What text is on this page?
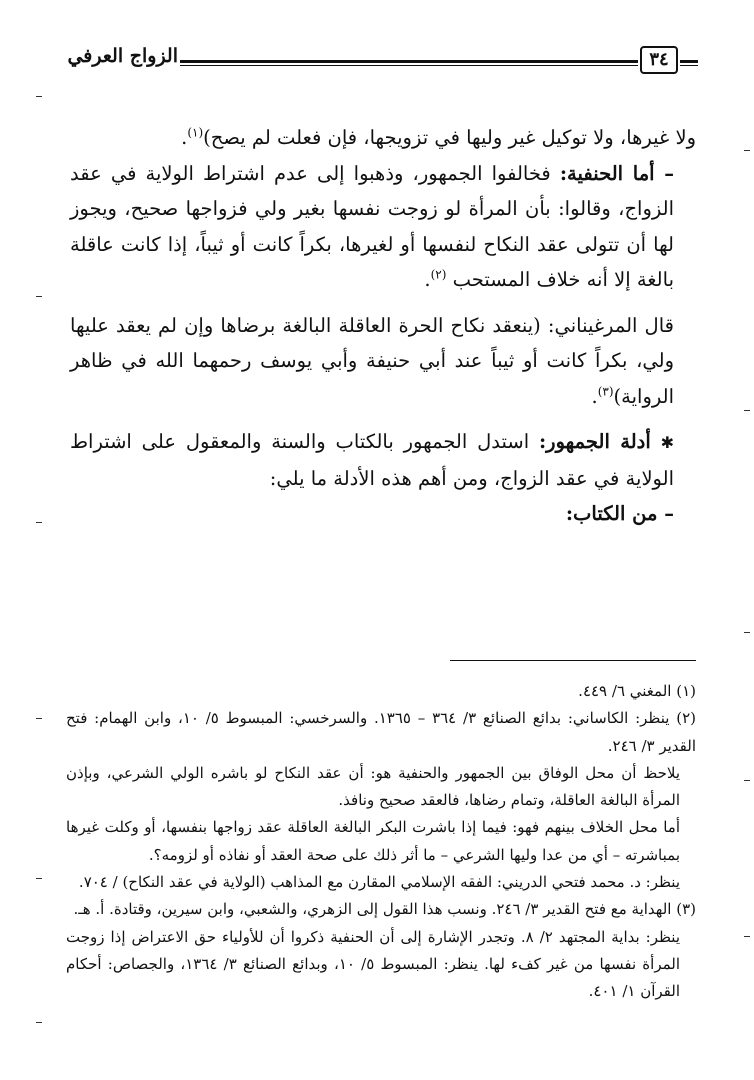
الزواج العرفي	٣٤

ولا غيرها، ولا توكيل غير وليها في تزويجها، فإن فعلت لم يصح)$^{(١)}$.

– أما الحنفية: فخالفوا الجمهور، وذهبوا إلى عدم اشتراط الولاية في عقد الزواج، وقالوا: بأن المرأة لو زوجت نفسها بغير ولي فزواجها صحيح، ويجوز لها أن تتولى عقد النكاح لنفسها أو لغيرها، بكراً كانت أو ثيباً، إذا كانت عاقلة بالغة إلا أنه خلاف المستحب $^{(٢)}$.

قال المرغيناني: (ينعقد نكاح الحرة العاقلة البالغة برضاها وإن لم يعقد عليها ولي، بكراً كانت أو ثيباً عند أبي حنيفة وأبي يوسف رحمهما الله في ظاهر الرواية)$^{(٣)}$.

✱ أدلة الجمهور: استدل الجمهور بالكتاب والسنة والمعقول على اشتراط الولاية في عقد الزواج، ومن أهم هذه الأدلة ما يلي:

– من الكتاب:

(١) المغني ٦/ ٤٤٩.

(٢) ينظر: الكاساني: بدائع الصنائع ٣/ ٣٦٤ – ١٣٦٥. والسرخسي: المبسوط ٥/ ١٠، وابن الهمام: فتح القدير ٣/ ٢٤٦.

يلاحظ أن محل الوفاق بين الجمهور والحنفية هو: أن عقد النكاح لو باشره الولي الشرعي، وبإذن المرأة البالغة العاقلة، وتمام رضاها، فالعقد صحيح ونافذ.

أما محل الخلاف بينهم فهو: فيما إذا باشرت البكر البالغة العاقلة عقد زواجها بنفسها، أو وكلت غيرها بمباشرته – أي من عدا وليها الشرعي – ما أثر ذلك على صحة العقد أو نفاذه أو لزومه؟.

ينظر: د. محمد فتحي الدريني: الفقه الإسلامي المقارن مع المذاهب (الولاية في عقد النكاح) / ٧٠٤.

(٣) الهداية مع فتح القدير ٣/ ٢٤٦. ونسب هذا القول إلى الزهري، والشعبي، وابن سيرين، وقتادة. أ. هـ.

ينظر: بداية المجتهد ٢/ ٨. وتجدر الإشارة إلى أن الحنفية ذكروا أن للأولياء حق الاعتراض إذا زوجت المرأة نفسها من غير كفء لها. ينظر: المبسوط ٥/ ١٠، وبدائع الصنائع ٣/ ١٣٦٤، والجصاص: أحكام القرآن ١/ ٤٠١.
